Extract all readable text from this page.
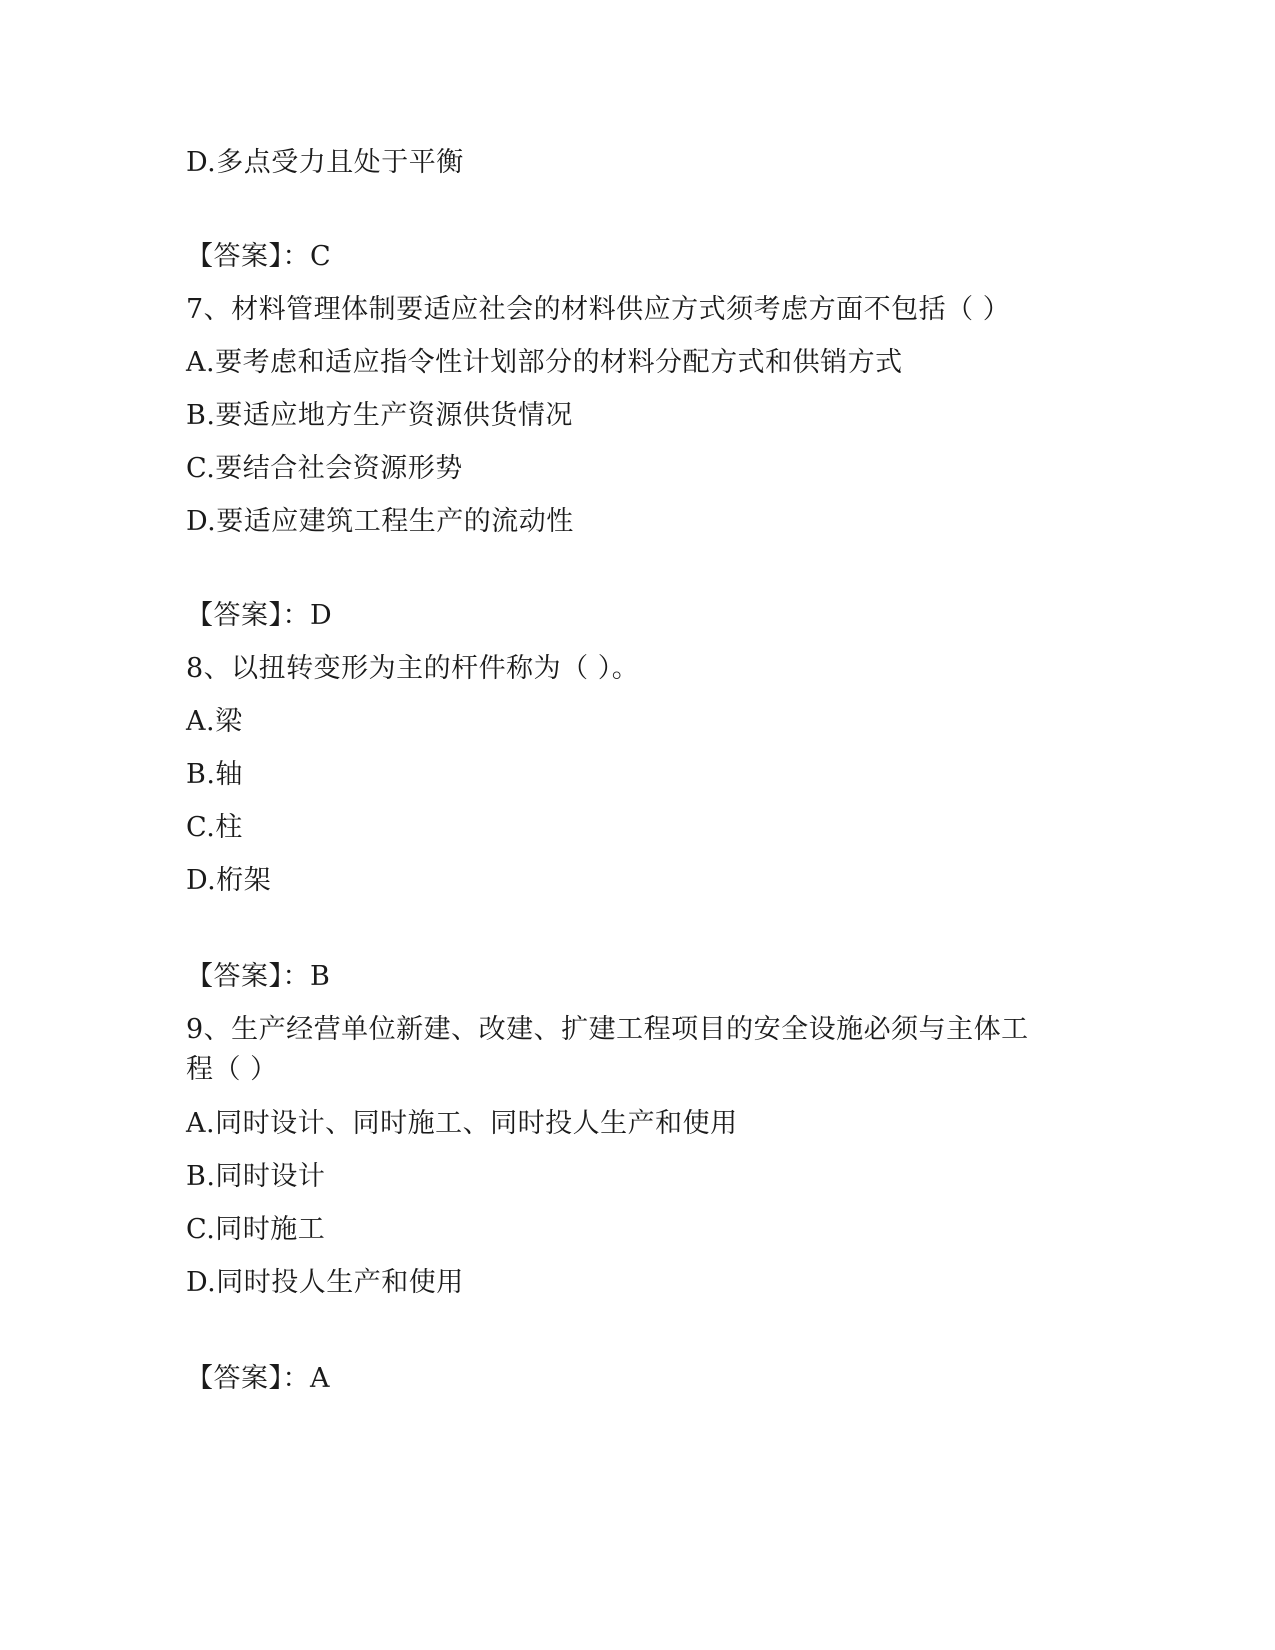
D.多点受力且处于平衡
【答案】：C
7、材料管理体制要适应社会的材料供应方式须考虑方面不包括（ ）
A.要考虑和适应指令性计划部分的材料分配方式和供销方式
B.要适应地方生产资源供货情况
C.要结合社会资源形势
D.要适应建筑工程生产的流动性
【答案】：D
8、以扭转变形为主的杆件称为（ ）。
A.梁
B.轴
C.柱
D.桁架
【答案】：B
9、生产经营单位新建、改建、扩建工程项目的安全设施必须与主体工
程（ ）
A.同时设计、同时施工、同时投人生产和使用
B.同时设计
C.同时施工
D.同时投人生产和使用
【答案】：A
